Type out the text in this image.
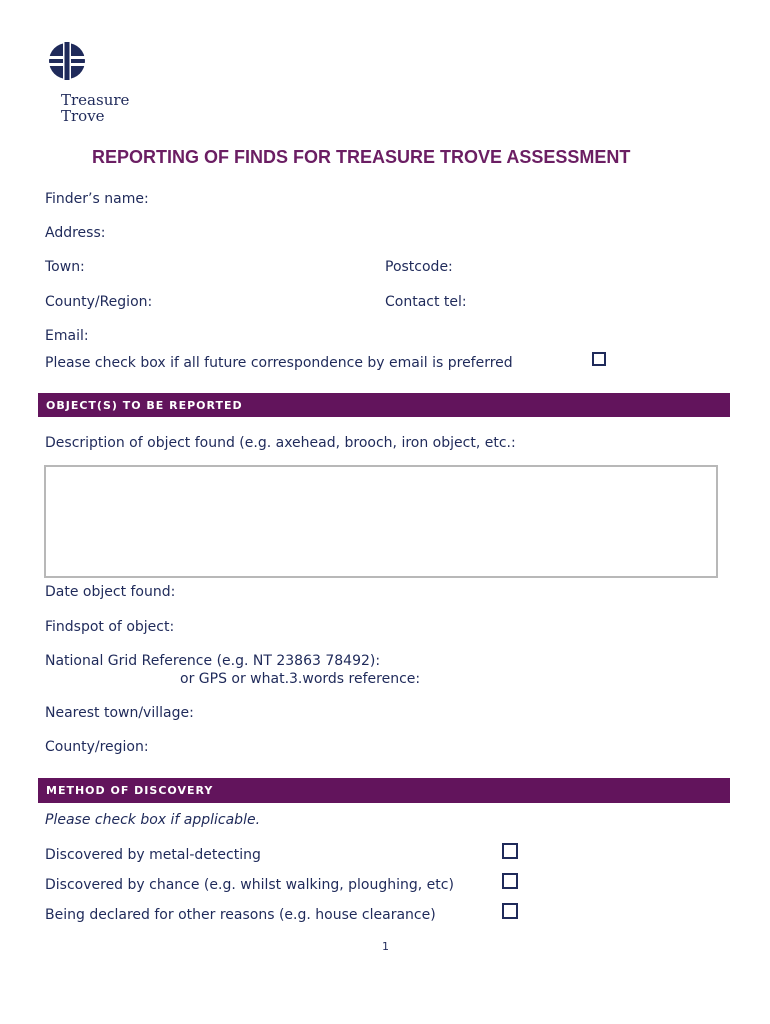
Treasure
Trove
REPORTING OF FINDS FOR TREASURE TROVE ASSESSMENT
Finder’s name:
Address:
Town:	Postcode:
County/Region:	Contact tel:
Email:
Please check box if all future correspondence by email is preferred
OBJECT(S) TO BE REPORTED
Description of object found (e.g. axehead, brooch, iron object, etc.:
Date object found:
Findspot of object:
National Grid Reference (e.g. NT 23863 78492):
or GPS or what.3.words reference:
Nearest town/village:
County/region:
METHOD OF DISCOVERY
Please check box if applicable.
Discovered by metal-detecting
Discovered by chance (e.g. whilst walking, ploughing, etc)
Being declared for other reasons (e.g. house clearance)
1
